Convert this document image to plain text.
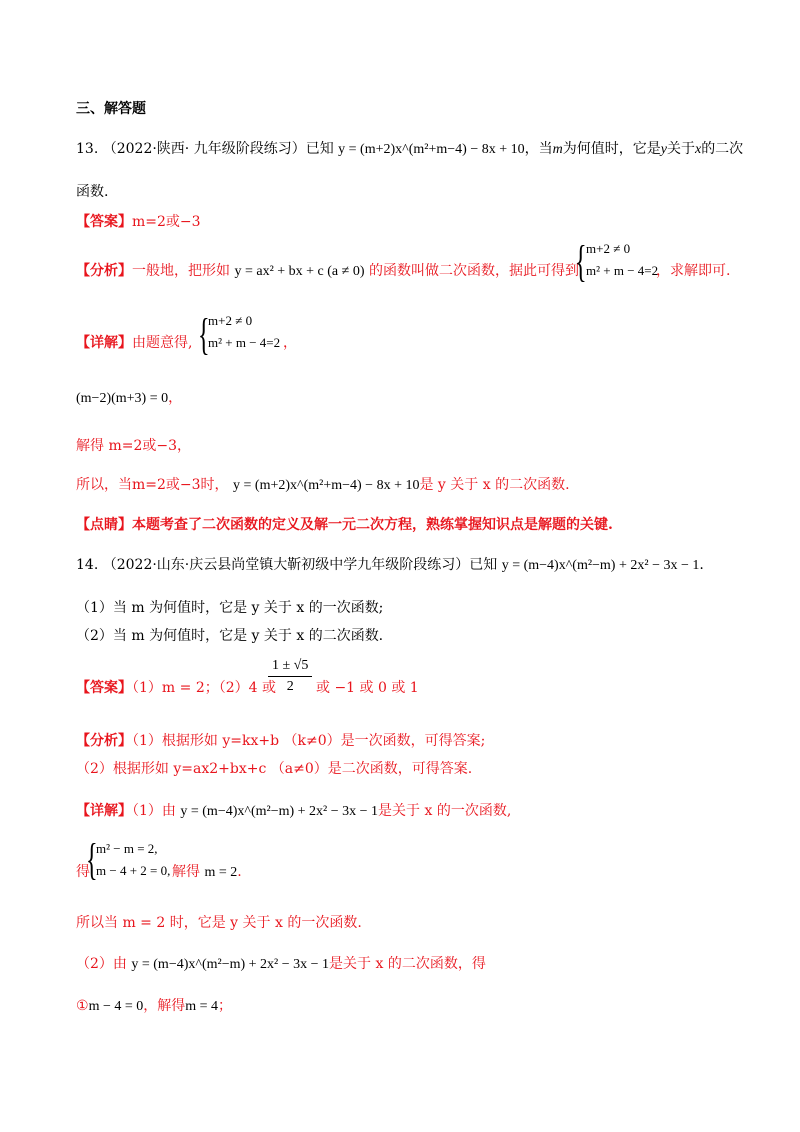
三、解答题
13. （2022·陕西· 九年级阶段练习）已知 y = (m+2)x^(m²+m−4) − 8x + 10，当m为何值时，它是y关于x的二次
函数.
【答案】m=2或−3
【分析】一般地，把形如 y = ax² + bx + c (a ≠ 0) 的函数叫做二次函数，据此可得到
{ m+2 ≠ 0
m² + m − 4=2
，求解即可.
【详解】由题意得, {
m+2 ≠ 0
m² + m − 4=2 ，
(m−2)(m+3) = 0，
解得 m=2或−3，
所以，当m=2或−3时， y = (m+2)x^(m²+m−4) − 8x + 10是 y 关于 x 的二次函数.
【点睛】本题考查了二次函数的定义及解一元二次方程，熟练掌握知识点是解题的关键.
14. （2022·山东·庆云县尚堂镇大靳初级中学九年级阶段练习）已知 y = (m−4)x^(m²−m) + 2x² − 3x − 1.
（1）当 m 为何值时，它是 y 关于 x 的一次函数;
（2）当 m 为何值时，它是 y 关于 x 的二次函数.
【答案】（1）m = 2；（2）4 或
$\frac{1 \pm √5}{2}$ 或 −1 或 0 或 1
【分析】（1）根据形如 y=kx+b （k≠0）是一次函数，可得答案;
（2）根据形如 y=ax2+bx+c （a≠0）是二次函数，可得答案.
【详解】（1）由 y = (m−4)x^(m²−m) + 2x² − 3x − 1是关于 x 的一次函数,
得
{
m² − m = 2,
m − 4 + 2 = 0, 解得 m = 2.
所以当 m = 2 时，它是 y 关于 x 的一次函数.
（2）由 y = (m−4)x^(m²−m) + 2x² − 3x − 1是关于 x 的二次函数，得
①m − 4 = 0，解得m = 4；
